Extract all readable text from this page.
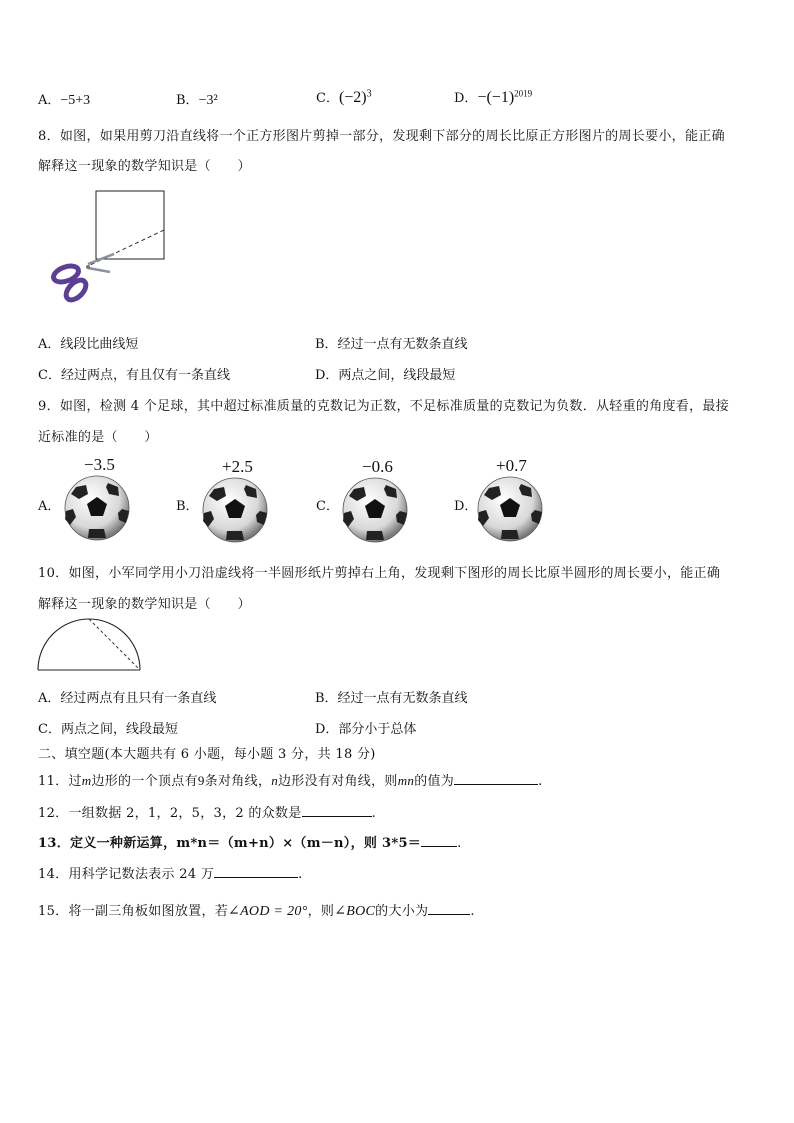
A．−5+3	B．−3²	C．$(-2)^3$	D．$-(-1)^{2019}$
8．如图，如果用剪刀沿直线将一个正方形图片剪掉一部分，发现剩下部分的周长比原正方形图片的周长要小，能正确
解释这一现象的数学知识是（　　）
A．线段比曲线短	B．经过一点有无数条直线
C．经过两点，有且仅有一条直线	D．两点之间，线段最短
9．如图，检测 4 个足球，其中超过标准质量的克数记为正数，不足标准质量的克数记为负数．从轻重的角度看，最接
近标准的是（　　）
−3.5
A．
+2.5
B．
−0.6
C．
+0.7
D．
10．如图，小军同学用小刀沿虚线将一半圆形纸片剪掉右上角，发现剩下图形的周长比原半圆形的周长要小，能正确
解释这一现象的数学知识是（　　）
A．经过两点有且只有一条直线	B．经过一点有无数条直线
C．两点之间，线段最短	D．部分小于总体
二、填空题(本大题共有 6 小题，每小题 3 分，共 18 分)
11．过m边形的一个顶点有9条对角线，n边形没有对角线，则mn的值为	.
12．一组数据 2，1，2，5，3，2 的众数是	.
13．定义一种新运算，m*n＝（m+n）×（m－n），则 3*5＝	.
14．用科学记数法表示 24 万	.
15．将一副三角板如图放置，若∠AOD = 20°，则∠BOC的大小为	.
